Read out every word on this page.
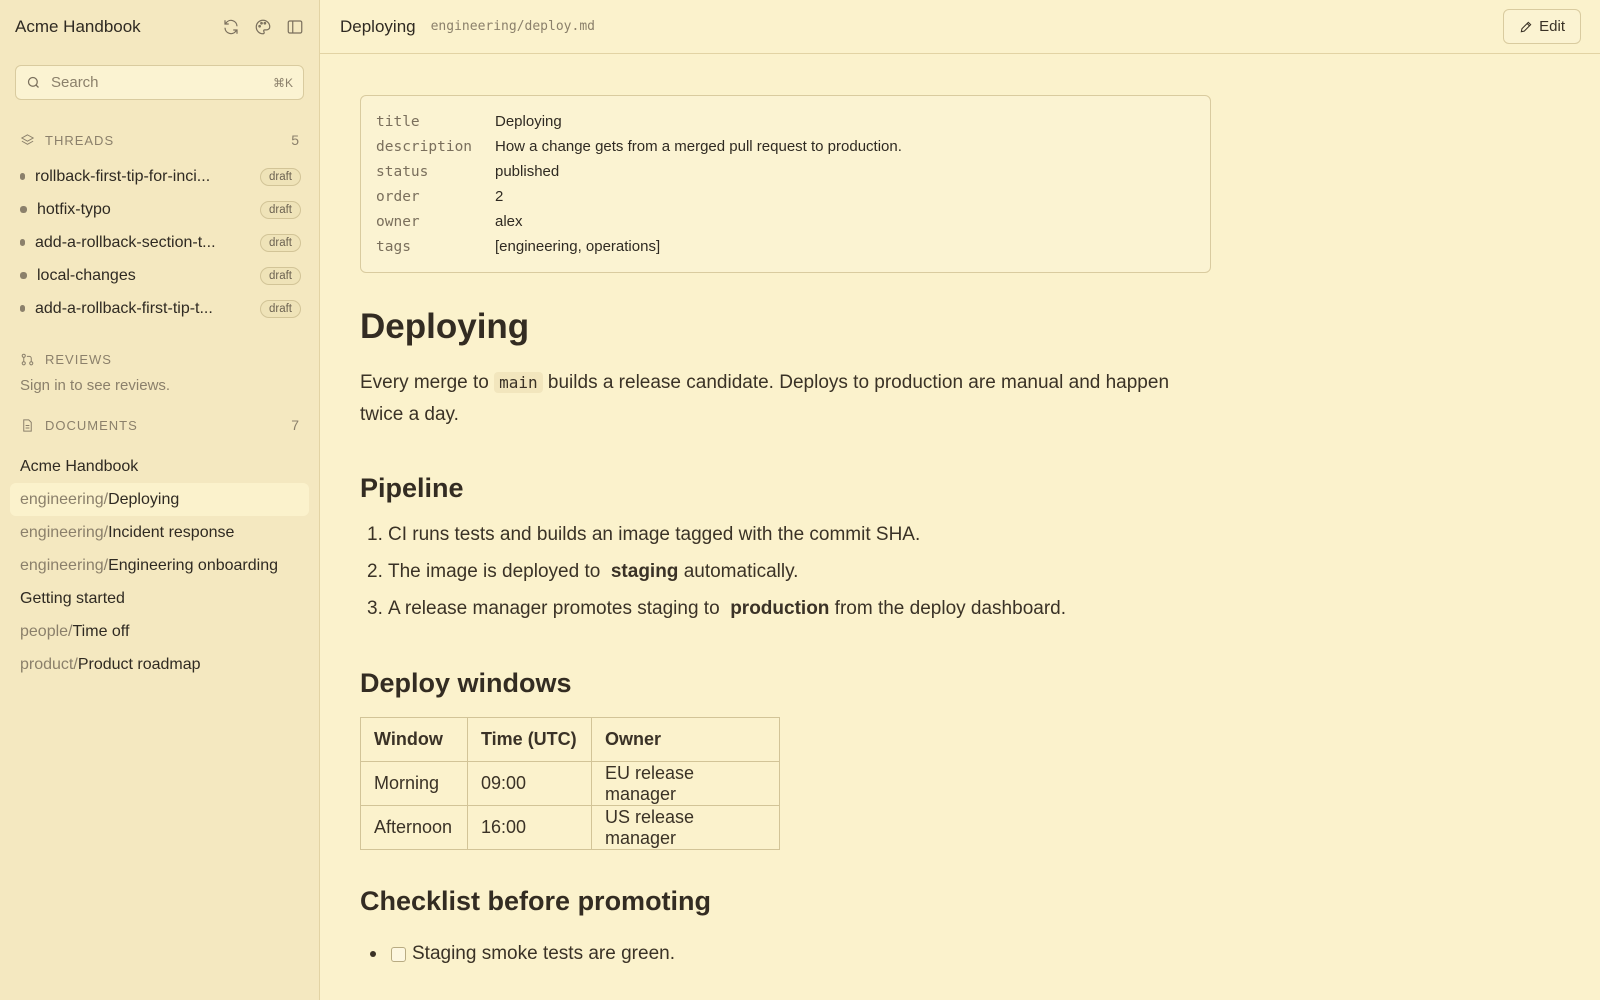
Acme Handbook
Search
⌘K
THREADS	5
rollback-first-tip-for-inci...	draft
hotfix-typo	draft
add-a-rollback-section-t...	draft
local-changes	draft
add-a-rollback-first-tip-t...	draft
REVIEWS
Sign in to see reviews.
DOCUMENTS	7
Acme Handbook
engineering/ Deploying
engineering/ Incident response
engineering/ Engineering onboarding
Getting started
people/ Time off
product/ Product roadmap
Deploying engineering/deploy.md	Edit
title	Deploying
description	How a change gets from a merged pull request to production.
status	published
order	2
owner	alex
tags	[engineering, operations]
Deploying

Every merge to main builds a release candidate. Deploys to production are manual and happen twice a day.

Pipeline
1. CI runs tests and builds an image tagged with the commit SHA.
2. The image is deployed to  staging automatically.
3. A release manager promotes staging to  production from the deploy dashboard.
Deploy windows
Window	Time (UTC)	Owner
Morning	09:00	EU release manager
Afternoon	16:00	US release manager
Checklist before promoting
Staging smoke tests are green.
